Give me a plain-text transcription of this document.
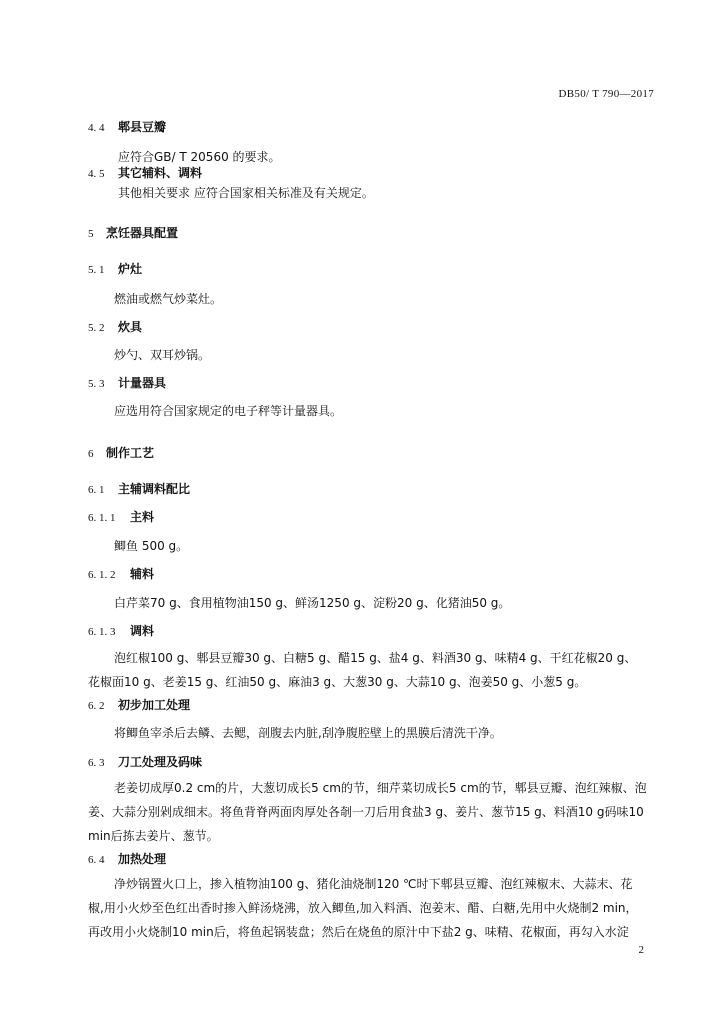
DB50/ T 790—2017
4. 4 郫县豆瓣
应符合GB/ T 20560 的要求。
4. 5 其它辅料、调料
其他相关要求 应符合国家相关标准及有关规定。
5 烹饪器具配置
5. 1 炉灶
燃油或燃气炒菜灶。
5. 2 炊具
炒勺、双耳炒锅。
5. 3 计量器具
应选用符合国家规定的电子秤等计量器具。
6 制作工艺
6. 1 主辅调料配比
6. 1. 1 主料
鲫鱼 500 g。
6. 1. 2 辅料
白芹菜70 g、食用植物油150 g、鲜汤1250 g、淀粉20 g、化猪油50 g。
6. 1. 3 调料
泡红椒100 g、郫县豆瓣30 g、白糖5 g、醋15 g、盐4 g、料酒30 g、味精4 g、干红花椒20 g、花椒面10 g、老姜15 g、红油50 g、麻油3 g、大葱30 g、大蒜10 g、泡姜50 g、小葱5 g。
6. 2 初步加工处理
将鲫鱼宰杀后去鳞、去鳃，剖腹去内脏,刮净腹腔壁上的黑膜后清洗干净。
6. 3 刀工处理及码味
老姜切成厚0.2 cm的片，大葱切成长5 cm的节，细芹菜切成长5 cm的节，郫县豆瓣、泡红辣椒、泡姜、大蒜分别剁成细末。将鱼背脊两面肉厚处各剞一刀后用食盐3 g、姜片、葱节15 g、料酒10 g码味10 min后拣去姜片、葱节。
6. 4 加热处理
净炒锅置火口上，掺入植物油100 g、猪化油烧制120 ℃时下郫县豆瓣、泡红辣椒末、大蒜末、花椒,用小火炒至色红出香时掺入鲜汤烧沸，放入鲫鱼,加入料酒、泡姜末、醋、白糖,先用中火烧制2 min，再改用小火烧制10 min后，将鱼起锅装盘；然后在烧鱼的原汁中下盐2 g、味精、花椒面，再勾入水淀
2
